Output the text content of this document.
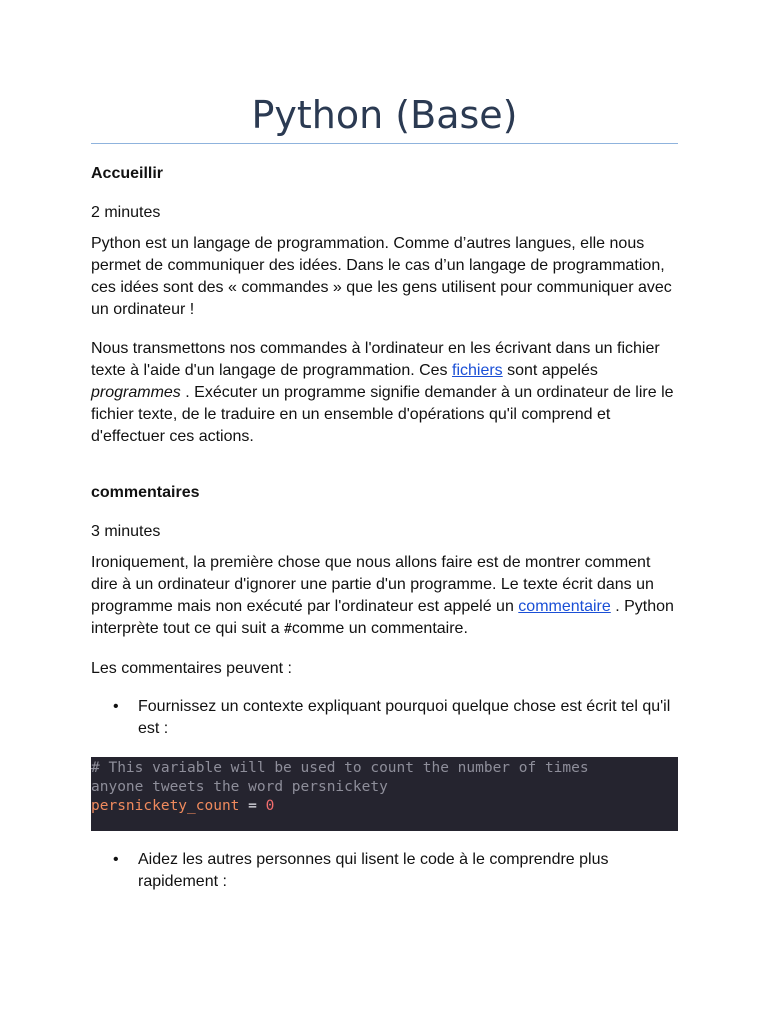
Python (Base)

Accueillir

2 minutes

Python est un langage de programmation. Comme d’autres langues, elle nous permet de communiquer des idées. Dans le cas d’un langage de programmation, ces idées sont des « commandes » que les gens utilisent pour communiquer avec un ordinateur !

Nous transmettons nos commandes à l'ordinateur en les écrivant dans un fichier texte à l'aide d'un langage de programmation. Ces fichiers sont appelés programmes . Exécuter un programme signifie demander à un ordinateur de lire le fichier texte, de le traduire en un ensemble d'opérations qu'il comprend et d'effectuer ces actions.

commentaires

3 minutes

Ironiquement, la première chose que nous allons faire est de montrer comment dire à un ordinateur d'ignorer une partie d'un programme. Le texte écrit dans un programme mais non exécuté par l'ordinateur est appelé un commentaire . Python interprète tout ce qui suit a #comme un commentaire.

Les commentaires peuvent :

• Fournissez un contexte expliquant pourquoi quelque chose est écrit tel qu'il est :
# This variable will be used to count the number of times
anyone tweets the word persnickety
persnickety_count = 0
• Aidez les autres personnes qui lisent le code à le comprendre plus rapidement :
